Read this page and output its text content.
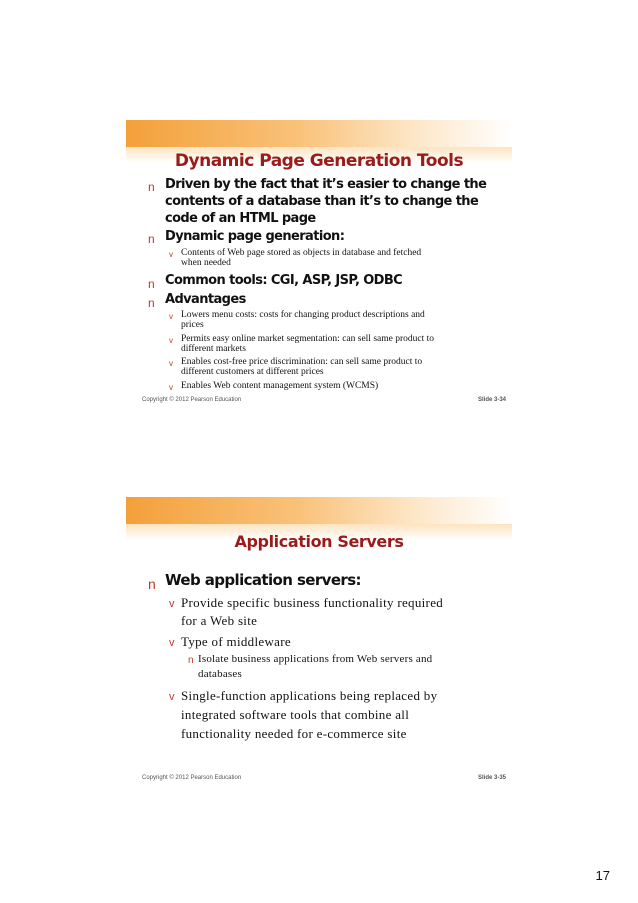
Dynamic Page Generation Tools
n Driven by the fact that it’s easier to change the
contents of a database than it’s to change the
code of an HTML page
n Dynamic page generation:
v Contents of Web page stored as objects in database and fetched
when needed
n Common tools: CGI, ASP, JSP, ODBC
n Advantages
v Lowers menu costs: costs for changing product descriptions and
prices
v Permits easy online market segmentation: can sell same product to
different markets
v Enables cost-free price discrimination: can sell same product to
different customers at different prices
v Enables Web content management system (WCMS)
Copyright © 2012 Pearson Education	Slide 3-34
Application Servers
n Web application servers:
v Provide specific business functionality required
for a Web site
v Type of middleware
n Isolate business applications from Web servers and
databases
v Single-function applications being replaced by
integrated software tools that combine all
functionality needed for e-commerce site
Copyright © 2012 Pearson Education	Slide 3-35
17
